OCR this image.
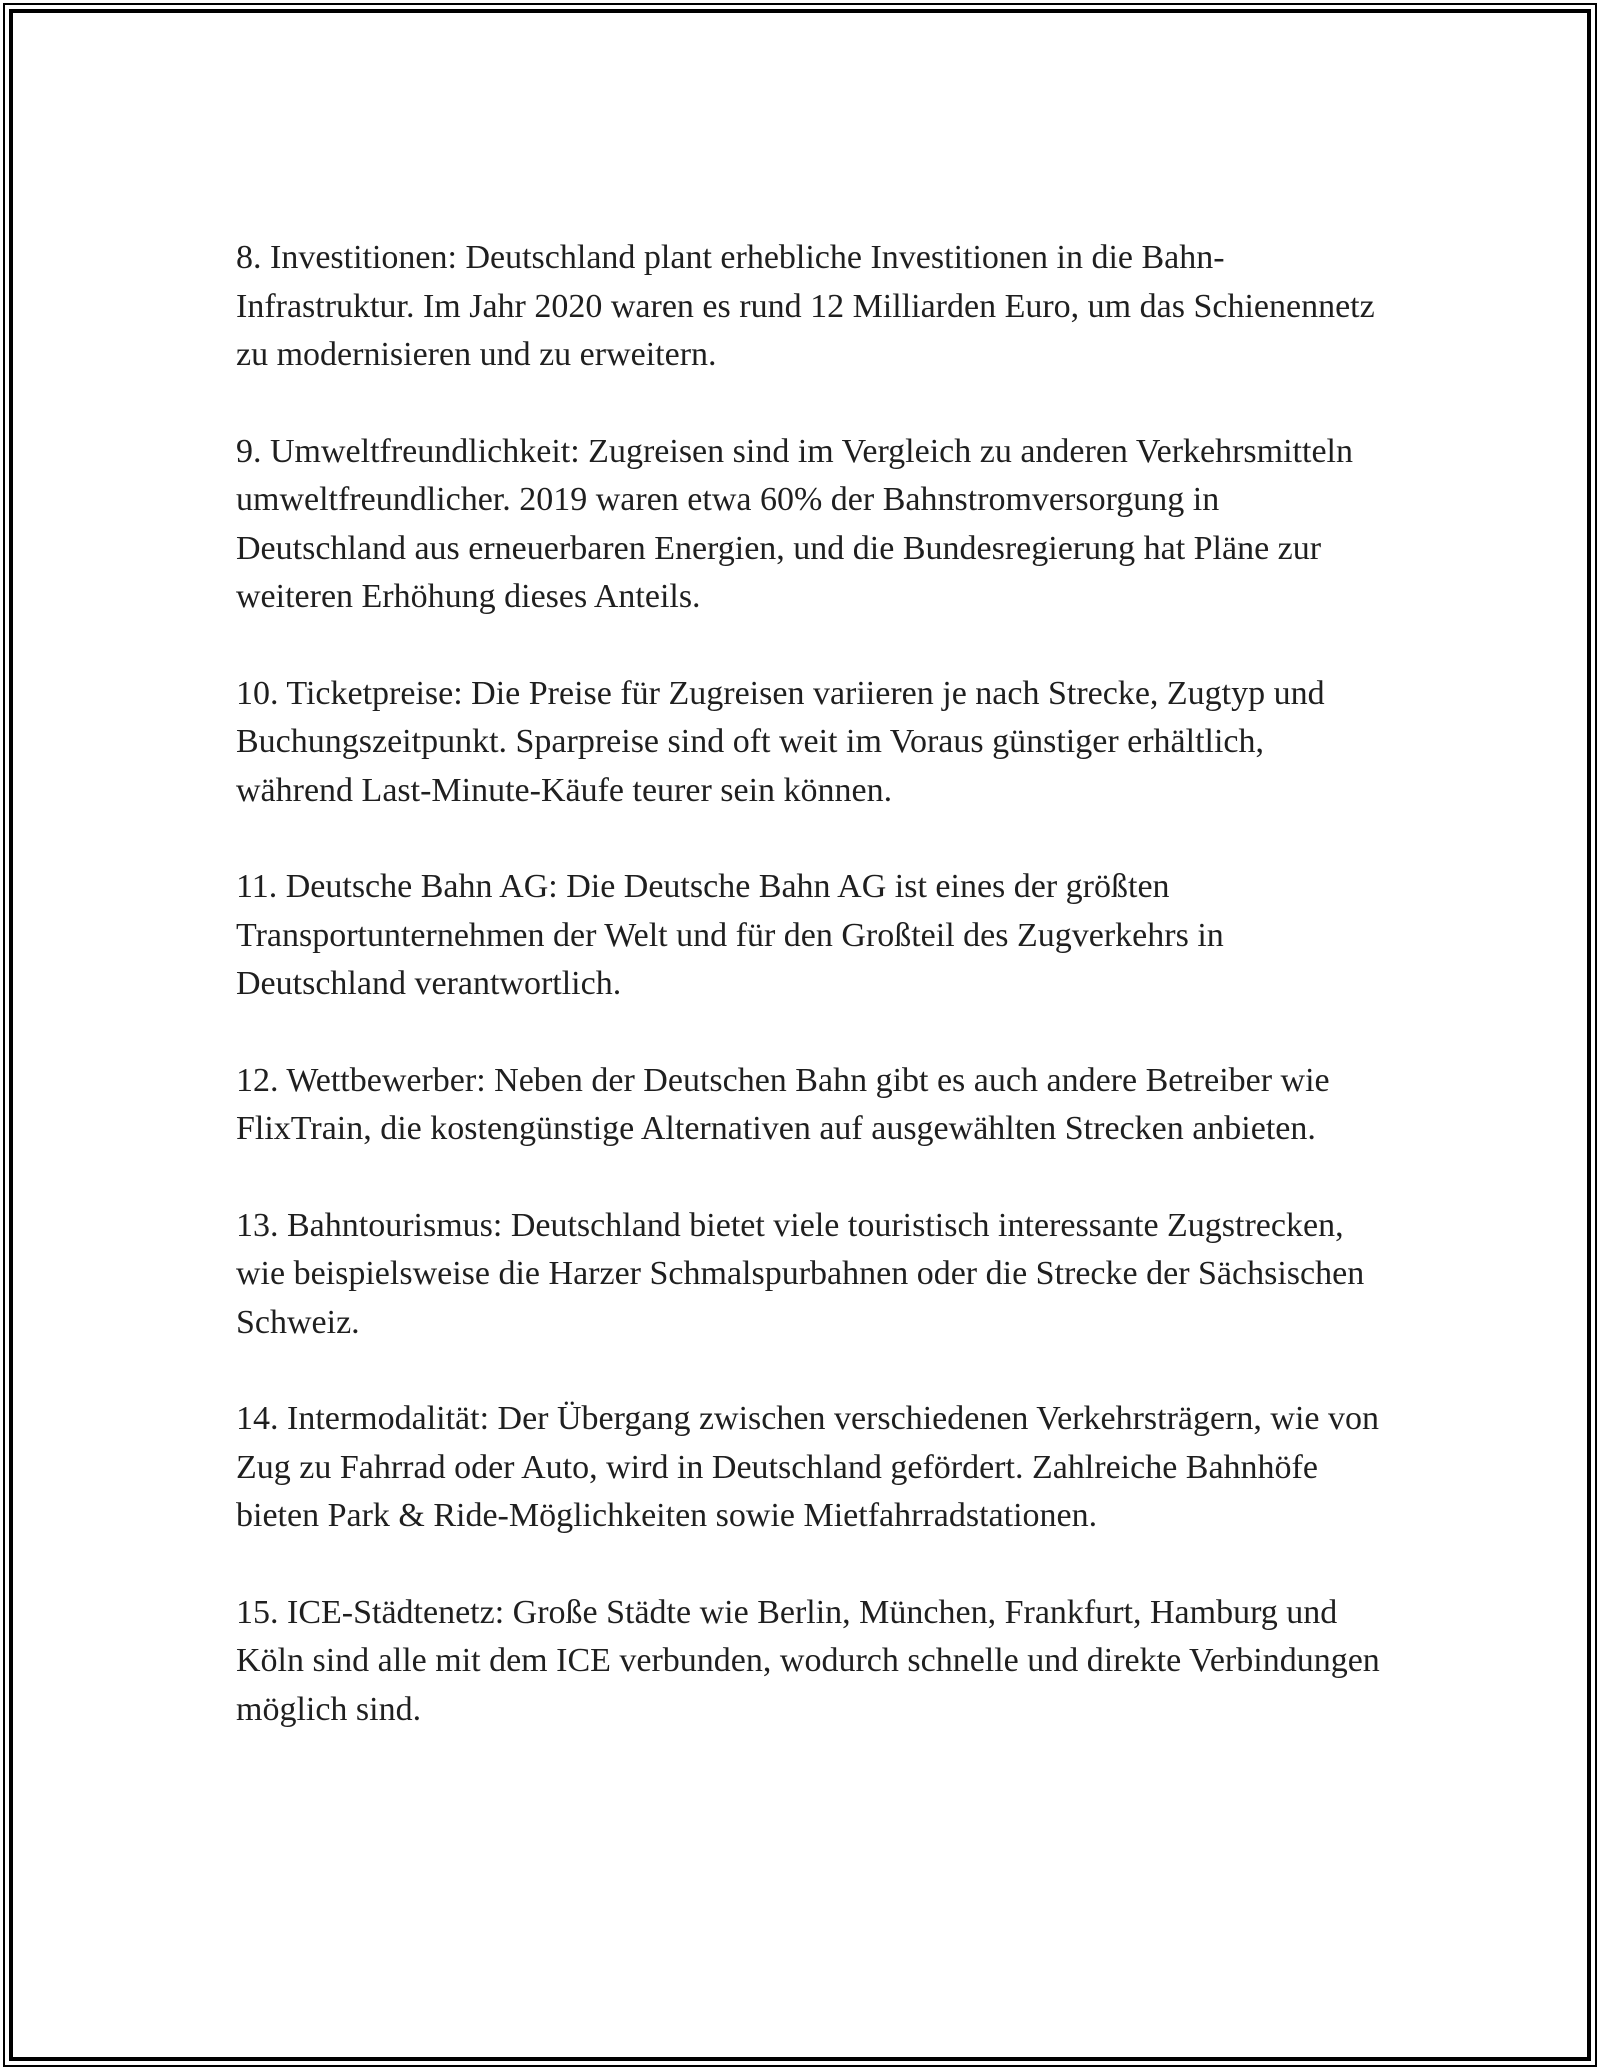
8. Investitionen: Deutschland plant erhebliche Investitionen in die Bahn-Infrastruktur. Im Jahr 2020 waren es rund 12 Milliarden Euro, um das Schienennetz zu modernisieren und zu erweitern.

9. Umweltfreundlichkeit: Zugreisen sind im Vergleich zu anderen Verkehrsmitteln umweltfreundlicher. 2019 waren etwa 60% der Bahnstromversorgung in Deutschland aus erneuerbaren Energien, und die Bundesregierung hat Pläne zur weiteren Erhöhung dieses Anteils.

10. Ticketpreise: Die Preise für Zugreisen variieren je nach Strecke, Zugtyp und Buchungszeitpunkt. Sparpreise sind oft weit im Voraus günstiger erhältlich, während Last-Minute-Käufe teurer sein können.

11. Deutsche Bahn AG: Die Deutsche Bahn AG ist eines der größten Transportunternehmen der Welt und für den Großteil des Zugverkehrs in Deutschland verantwortlich.

12. Wettbewerber: Neben der Deutschen Bahn gibt es auch andere Betreiber wie FlixTrain, die kostengünstige Alternativen auf ausgewählten Strecken anbieten.

13. Bahntourismus: Deutschland bietet viele touristisch interessante Zugstrecken, wie beispielsweise die Harzer Schmalspurbahnen oder die Strecke der Sächsischen Schweiz.

14. Intermodalität: Der Übergang zwischen verschiedenen Verkehrsträgern, wie von Zug zu Fahrrad oder Auto, wird in Deutschland gefördert. Zahlreiche Bahnhöfe bieten Park & Ride-Möglichkeiten sowie Mietfahrradstationen.

15. ICE-Städtenetz: Große Städte wie Berlin, München, Frankfurt, Hamburg und Köln sind alle mit dem ICE verbunden, wodurch schnelle und direkte Verbindungen möglich sind.
